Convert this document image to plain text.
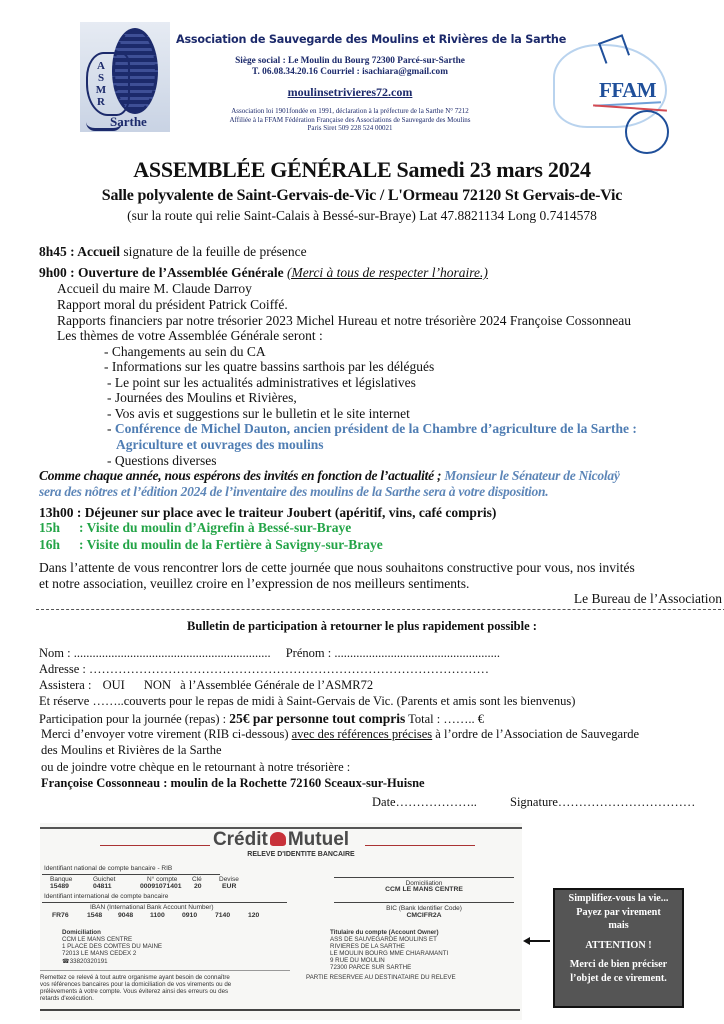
A
S
M
R
Sarthe
Association de Sauvegarde des Moulins et Rivières de la Sarthe
Siège social : Le Moulin du Bourg 72300 Parcé-sur-Sarthe
T. 06.08.34.20.16 Courriel : isachiara@gmail.com
moulinsetrivieres72.com
Association loi 1901fondée en 1991, déclaration à la préfecture de la Sarthe N° 7212
Affiliée à la FFAM Fédération Française des Associations de Sauvegarde des Moulins
Paris Siret 509 228 524 00021
FFAM
ASSEMBLÉE GÉNÉRALE Samedi 23 mars 2024
Salle polyvalente de Saint-Gervais-de-Vic / L'Ormeau 72120 St Gervais-de-Vic
(sur la route qui relie Saint-Calais à Bessé-sur-Braye) Lat 47.8821134 Long 0.7414578
8h45 : Accueil signature de la feuille de présence
9h00 : Ouverture de l’Assemblée Générale (Merci à tous de respecter l’horaire.)
Accueil du maire M. Claude Darroy
Rapport moral du président Patrick Coiffé.
Rapports financiers par notre trésorier 2023 Michel Hureau et notre trésorière 2024 Françoise Cossonneau
Les thèmes de votre Assemblée Générale seront :
- Changements au sein du CA
- Informations sur les quatre bassins sarthois par les délégués
- Le point sur les actualités administratives et législatives
- Journées des Moulins et Rivières,
- Vos avis et suggestions sur le bulletin et le site internet
- Conférence de Michel Dauton, ancien président de la Chambre d’agriculture de la Sarthe :
Agriculture et ouvrages des moulins
- Questions diverses
Comme chaque année, nous espérons des invités en fonction de l’actualité ; Monsieur le Sénateur de Nicolaÿ
sera des nôtres et l’édition 2024 de l’inventaire des moulins de la Sarthe sera à votre disposition.
13h00 : Déjeuner sur place avec le traiteur Joubert (apéritif, vins, café compris)
15h : Visite du moulin d’Aigrefin à Bessé-sur-Braye
16h : Visite du moulin de la Fertière à Savigny-sur-Braye
Dans l’attente de vous rencontrer lors de cette journée que nous souhaitons constructive pour vous, nos invités
et notre association, veuillez croire en l’expression de nos meilleurs sentiments.
Le Bureau de l’Association
Bulletin de participation à retourner le plus rapidement possible :
Nom : ............................................................... Prénom : .....................................................
Adresse : ……………………………………………………………………………………
Assistera : OUI NON à l’Assemblée Générale de l’ASMR72
Et réserve ……..couverts pour le repas de midi à Saint-Gervais de Vic. (Parents et amis sont les bienvenus)
Participation pour la journée (repas) : 25€ par personne tout compris Total : …….. €
Merci d’envoyer votre virement (RIB ci-dessous) avec des références précises à l’ordre de l’Association de Sauvegarde
des Moulins et Rivières de la Sarthe
ou de joindre votre chèque en le retournant à notre trésorière :
Françoise Cossonneau : moulin de la Rochette 72160 Sceaux-sur-Huisne
Date………………..	Signature……………………………
Crédit Mutuel
RELEVE D'IDENTITE BANCAIRE
Identifiant national de compte bancaire - RIB
Banque	Guichet	N° compte Clé	Devise
15489	04811	00091071401 20	EUR	Domiciliation
CCM LE MANS CENTRE
Identifiant international de compte bancaire
IBAN (International Bank Account Number)
FR76	1548 9048 1100	0910	7140	120
BIC (Bank Identifier Code)
CMCIFR2A
Domiciliation
CCM LE MANS CENTRE
1 PLACE DES COMTES DU MAINE
72013 LE MANS CEDEX 2
☎33820320191
Titulaire du compte (Account Owner)
ASS DE SAUVEGARDE MOULINS ET
RIVIERES DE LA SARTHE
LE MOULIN BOURG MME CHIARAMANTI
9 RUE DU MOULIN
72300 PARCE SUR SARTHE
Remettez ce relevé à tout autre organisme ayant besoin de connaître
vos références bancaires pour la domiciliation de vos virements ou de
prélèvements à votre compte. Vous éviterez ainsi des erreurs ou des
retards d'exécution.
PARTIE RESERVEE AU DESTINATAIRE DU RELEVE

Simplifiez-vous la vie...

Payez par virement

mais

ATTENTION !

Merci de bien préciser

l’objet de ce virement.
